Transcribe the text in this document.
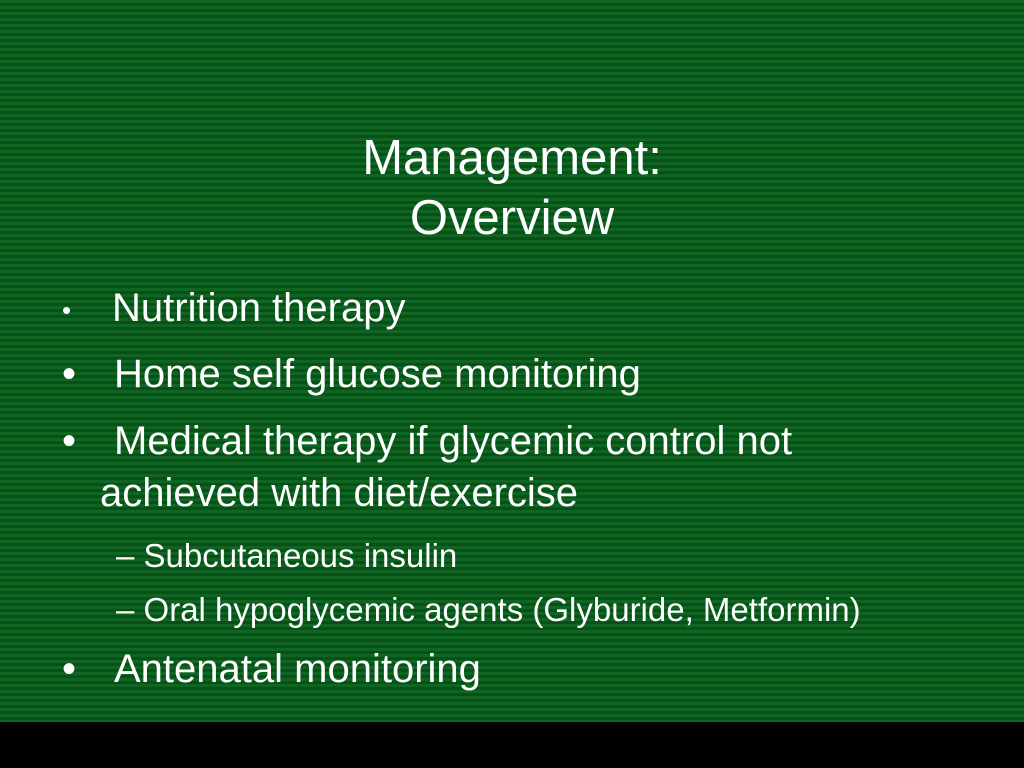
Management:
Overview
• Nutrition therapy
• Home self glucose monitoring
• Medical therapy if glycemic control not
achieved with diet/exercise
– Subcutaneous insulin
– Oral hypoglycemic agents (Glyburide, Metformin)
• Antenatal monitoring
